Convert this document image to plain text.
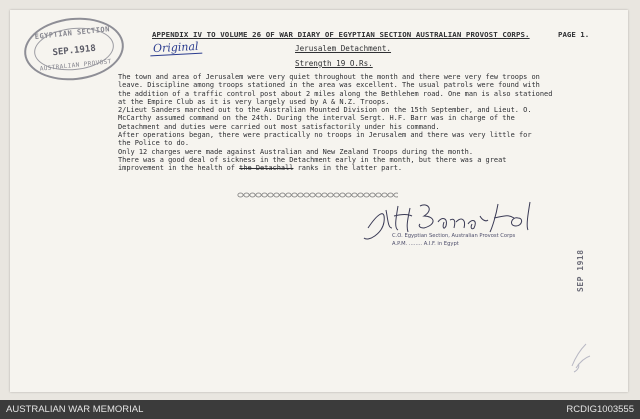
EGYPTIAN SECTION
SEP.1918
AUSTRALIAN PROVOST
Original
APPENDIX IV TO VOLUME 26 OF WAR DIARY OF EGYPTIAN SECTION AUSTRALIAN PROVOST CORPS.	PAGE 1.
Jerusalem Detachment.
Strength 19 O.Rs.
The town and area of Jerusalem were very quiet throughout the month and there were very few troops on
leave. Discipline among troops stationed in the area was excellent. The usual patrols were found with
the addition of a traffic control post about 2 miles along the Bethlehem road. One man is also stationed
at the Empire Club as it is very largely used by A & N.Z. Troops.
2/Lieut Sanders marched out to the Australian Mounted Division on the 15th September, and Lieut. O.
McCarthy assumed command on the 24th. During the interval Sergt. H.F. Barr was in charge of the
Detachment and duties were carried out most satisfactorily under his command.
After operations began, there were practically no troops in Jerusalem and there was very little for
the Police to do.
Only 12 charges were made against Australian and New Zealand Troops during the month.
There was a good deal of sickness in the Detachment early in the month, but there was a great
improvement in the health of the Detachall ranks in the latter part.
C.O. Egyptian Section, Australian Provost Corps
A.P.M. ........ A.I.F. in Egypt
SEP 1918
AUSTRALIAN WAR MEMORIAL	RCDIG1003555
